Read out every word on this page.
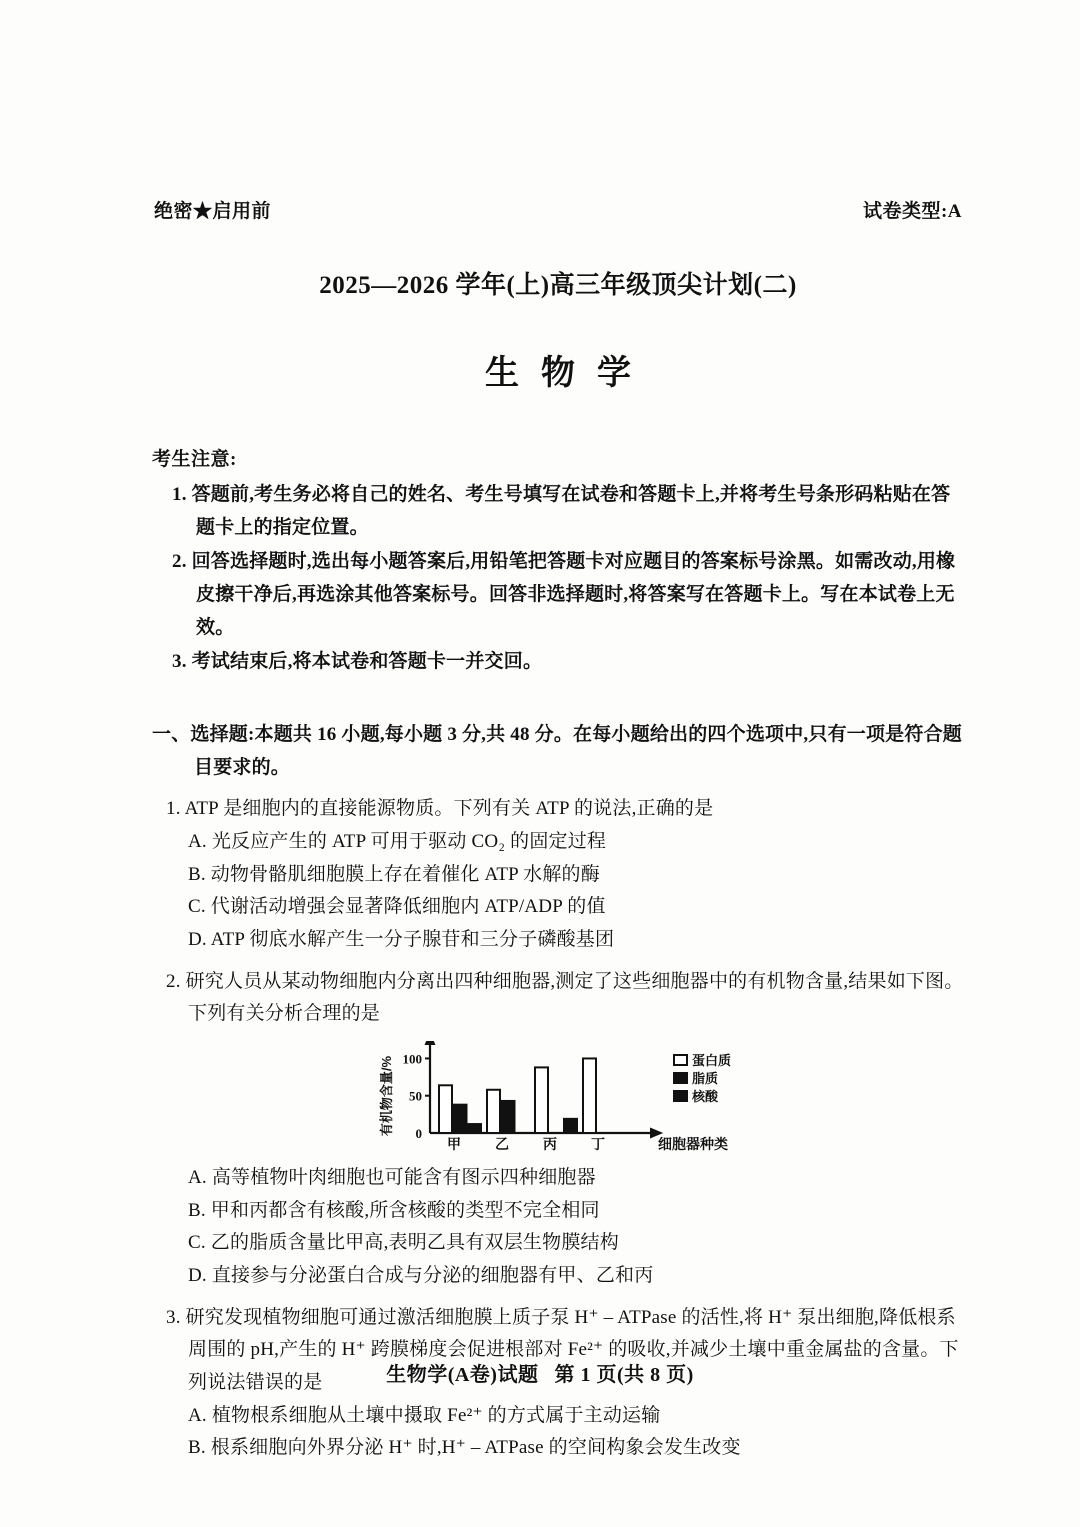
绝密★启用前	试卷类型:A
2025—2026 学年(上)高三年级顶尖计划(二)
生物学
考生注意:
1. 答题前,考生务必将自己的姓名、考生号填写在试卷和答题卡上,并将考生号条形码粘贴在答题卡上的指定位置。
2. 回答选择题时,选出每小题答案后,用铅笔把答题卡对应题目的答案标号涂黑。如需改动,用橡皮擦干净后,再选涂其他答案标号。回答非选择题时,将答案写在答题卡上。写在本试卷上无效。
3. 考试结束后,将本试卷和答题卡一并交回。
一、选择题:本题共 16 小题,每小题 3 分,共 48 分。在每小题给出的四个选项中,只有一项是符合题目要求的。
1. ATP 是细胞内的直接能源物质。下列有关 ATP 的说法,正确的是
A. 光反应产生的 ATP 可用于驱动 CO₂ 的固定过程
B. 动物骨骼肌细胞膜上存在着催化 ATP 水解的酶
C. 代谢活动增强会显著降低细胞内 ATP/ADP 的值
D. ATP 彻底水解产生一分子腺苷和三分子磷酸基团
2. 研究人员从某动物细胞内分离出四种细胞器,测定了这些细胞器中的有机物含量,结果如下图。下列有关分析合理的是
0
50
100
有机物含量/%
甲 乙 丙 丁	细胞器种类
蛋白质
脂质
核酸
A. 高等植物叶肉细胞也可能含有图示四种细胞器
B. 甲和丙都含有核酸,所含核酸的类型不完全相同
C. 乙的脂质含量比甲高,表明乙具有双层生物膜结构
D. 直接参与分泌蛋白合成与分泌的细胞器有甲、乙和丙
3. 研究发现植物细胞可通过激活细胞膜上质子泵 H⁺ – ATPase 的活性,将 H⁺ 泵出细胞,降低根系周围的 pH,产生的 H⁺ 跨膜梯度会促进根部对 Fe²⁺ 的吸收,并减少土壤中重金属盐的含量。下列说法错误的是
A. 植物根系细胞从土壤中摄取 Fe²⁺ 的方式属于主动运输
B. 根系细胞向外界分泌 H⁺ 时,H⁺ – ATPase 的空间构象会发生改变
生物学(A卷)试题 第 1 页(共 8 页)
